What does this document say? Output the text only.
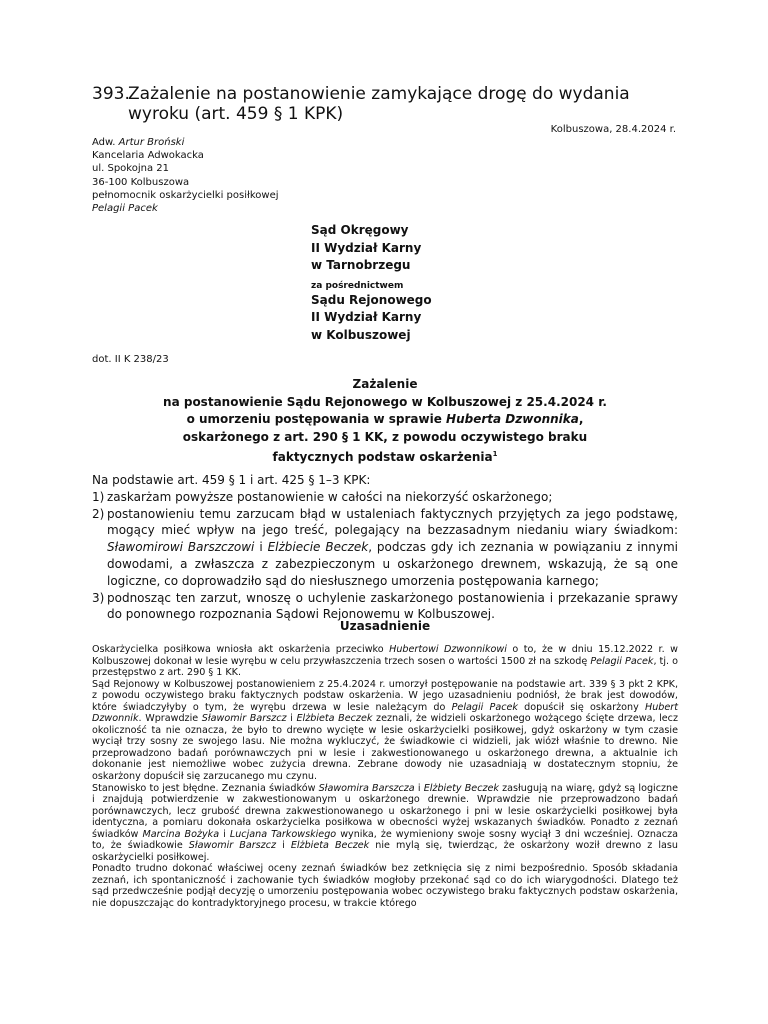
393.Zażalenie na postanowienie zamykające drogę do wydania
wyroku (art. 459 § 1 KPK)
Kolbuszowa, 28.4.2024 r.
Adw. Artur Broński
Kancelaria Adwokacka
ul. Spokojna 21
36-100 Kolbuszowa
pełnomocnik oskarżycielki posiłkowej
Pelagii Pacek
Sąd Okręgowy
II Wydział Karny
w Tarnobrzegu
za pośrednictwem
Sądu Rejonowego
II Wydział Karny
w Kolbuszowej
dot. II K 238/23
Zażalenie
na postanowienie Sądu Rejonowego w Kolbuszowej z 25.4.2024 r.
o umorzeniu postępowania w sprawie Huberta Dzwonnika,
oskarżonego z art. 290 § 1 KK, z powodu oczywistego braku
faktycznych podstaw oskarżenia$^1$
Na podstawie art. 459 § 1 i art. 425 § 1–3 KPK:
1) zaskarżam powyższe postanowienie w całości na niekorzyść oskarżonego;
2) postanowieniu temu zarzucam błąd w ustaleniach faktycznych przyjętych za jego podstawę, mogący mieć wpływ na jego treść, polegający na bezzasadnym niedaniu wiary świadkom: Sławomirowi Barszczowi i Elżbiecie Beczek, podczas gdy ich zeznania w powiązaniu z innymi dowodami, a zwłaszcza z zabezpieczonym u oskarżonego drewnem, wskazują, że są one logiczne, co doprowadziło sąd do niesłusznego umorzenia postępowania karnego;
3) podnosząc ten zarzut, wnoszę o uchylenie zaskarżonego postanowienia i przekazanie sprawy do ponownego rozpoznania Sądowi Rejonowemu w Kolbuszowej.
Uzasadnienie

Oskarżycielka posiłkowa wniosła akt oskarżenia przeciwko Hubertowi Dzwonnikowi o to, że w dniu 15.12.2022 r. w Kolbuszowej dokonał w lesie wyrębu w celu przywłaszczenia trzech sosen o wartości 1500 zł na szkodę Pelagii Pacek, tj. o przestępstwo z art. 290 § 1 KK.

Sąd Rejonowy w Kolbuszowej postanowieniem z 25.4.2024 r. umorzył postępowanie na podstawie art. 339 § 3 pkt 2 KPK, z powodu oczywistego braku faktycznych podstaw oskarżenia. W jego uzasadnieniu podniósł, że brak jest dowodów, które świadczyłyby o tym, że wyrębu drzewa w lesie należącym do Pelagii Pacek dopuścił się oskarżony Hubert Dzwonnik. Wprawdzie Sławomir Barszcz i Elżbieta Beczek zeznali, że widzieli oskarżonego wożącego ścięte drzewa, lecz okoliczność ta nie oznacza, że było to drewno wycięte w lesie oskarżycielki posiłkowej, gdyż oskarżony w tym czasie wyciął trzy sosny ze swojego lasu. Nie można wykluczyć, że świadkowie ci widzieli, jak wiózł właśnie to drewno. Nie przeprowadzono badań porównawczych pni w lesie i zakwestionowanego u oskarżonego drewna, a aktualnie ich dokonanie jest niemożliwe wobec zużycia drewna. Zebrane dowody nie uzasadniają w dostatecznym stopniu, że oskarżony dopuścił się zarzucanego mu czynu.

Stanowisko to jest błędne. Zeznania świadków Sławomira Barszcza i Elżbiety Beczek zasługują na wiarę, gdyż są logiczne i znajdują potwierdzenie w zakwestionowanym u oskarżonego drewnie. Wprawdzie nie przeprowadzono badań porównawczych, lecz grubość drewna zakwestionowanego u oskarżonego i pni w lesie oskarżycielki posiłkowej była identyczna, a pomiaru dokonała oskarżycielka posiłkowa w obecności wyżej wskazanych świadków. Ponadto z zeznań świadków Marcina Bożyka i Lucjana Tarkowskiego wynika, że wymieniony swoje sosny wyciął 3 dni wcześniej. Oznacza to, że świadkowie Sławomir Barszcz i Elżbieta Beczek nie mylą się, twierdząc, że oskarżony woził drewno z lasu oskarżycielki posiłkowej.

Ponadto trudno dokonać właściwej oceny zeznań świadków bez zetknięcia się z nimi bezpośrednio. Sposób składania zeznań, ich spontaniczność i zachowanie tych świadków mogłoby przekonać sąd co do ich wiarygodności. Dlatego też sąd przedwcześnie podjął decyzję o umorzeniu postępowania wobec oczywistego braku faktycznych podstaw oskarżenia, nie dopuszczając do kontradyktoryjnego procesu, w trakcie którego
